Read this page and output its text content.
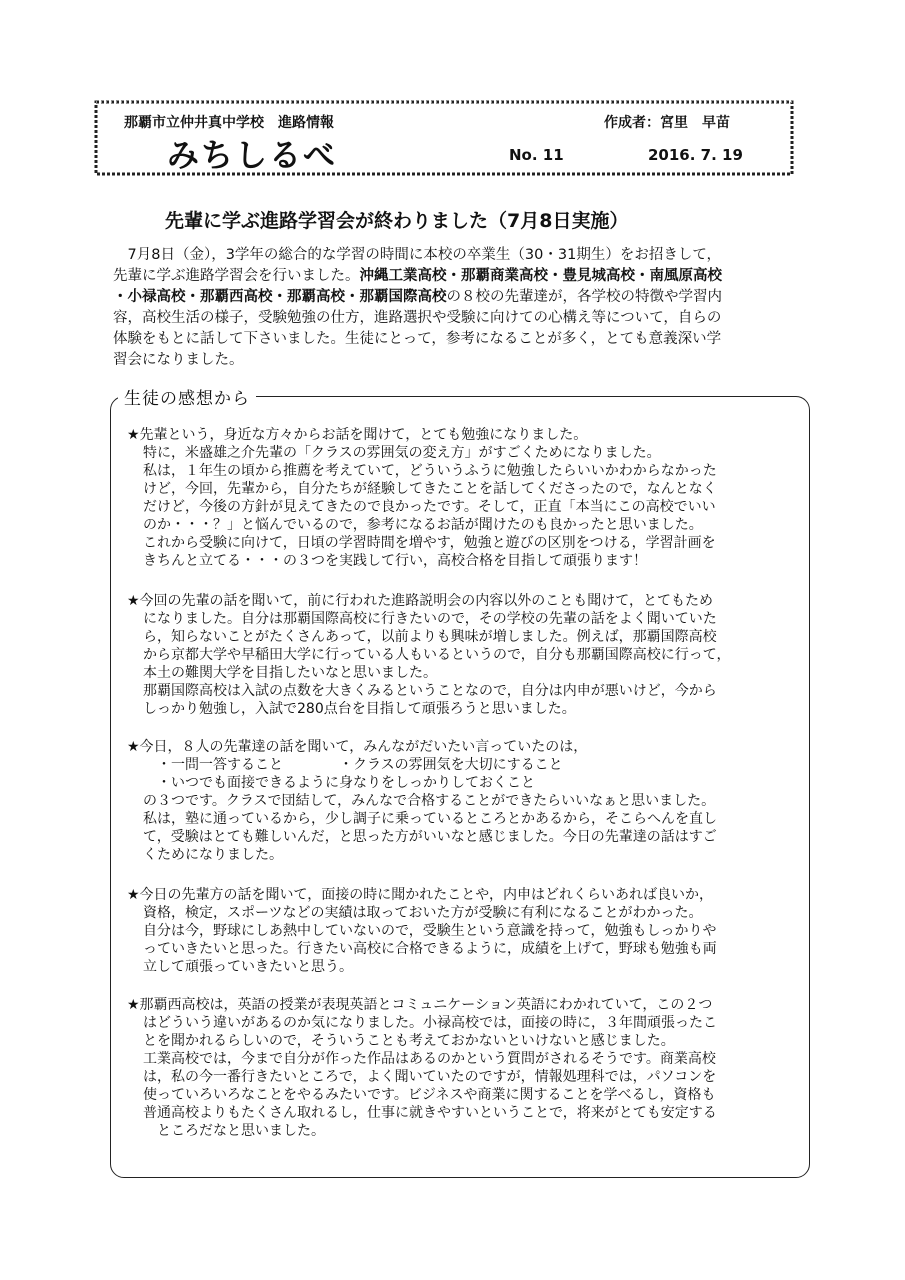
那覇市立仲井真中学校　進路情報	作成者：宮里　早苗
みちしるべ	No. 11	2016. 7. 19
先輩に学ぶ進路学習会が終わりました（7月8日実施）

　7月8日（金），3学年の総合的な学習の時間に本校の卒業生（30・31期生）をお招きして，

先輩に学ぶ進路学習会を行いました。沖縄工業高校・那覇商業高校・豊見城高校・南風原高校

・小禄高校・那覇西高校・那覇高校・那覇国際高校の８校の先輩達が，各学校の特徴や学習内

容，高校生活の様子，受験勉強の仕方，進路選択や受験に向けての心構え等について，自らの

体験をもとに話して下さいました。生徒にとって，参考になることが多く，とても意義深い学

習会になりました。

生徒の感想から

★先輩という，身近な方々からお話を聞けて，とても勉強になりました。

特に，米盛雄之介先輩の「クラスの雰囲気の変え方」がすごくためになりました。

私は，１年生の頃から推薦を考えていて，どういうふうに勉強したらいいかわからなかった

けど，今回，先輩から，自分たちが経験してきたことを話してくださったので，なんとなく

だけど，今後の方針が見えてきたので良かったです。そして，正直「本当にこの高校でいい

のか・・・？」と悩んでいるので，参考になるお話が聞けたのも良かったと思いました。

これから受験に向けて，日頃の学習時間を増やす，勉強と遊びの区別をつける，学習計画を

きちんと立てる・・・の３つを実践して行い，高校合格を目指して頑張ります！

★今回の先輩の話を聞いて，前に行われた進路説明会の内容以外のことも聞けて，とてもため

になりました。自分は那覇国際高校に行きたいので，その学校の先輩の話をよく聞いていた

ら，知らないことがたくさんあって，以前よりも興味が増しました。例えば，那覇国際高校

から京都大学や早稲田大学に行っている人もいるというので，自分も那覇国際高校に行って，

本土の難関大学を目指したいなと思いました。

那覇国際高校は入試の点数を大きくみるということなので，自分は内申が悪いけど，今から

しっかり勉強し，入試で280点台を目指して頑張ろうと思いました。

★今日，８人の先輩達の話を聞いて，みんながだいたい言っていたのは，

・一問一答すること　　　　・クラスの雰囲気を大切にすること

・いつでも面接できるように身なりをしっかりしておくこと

の３つです。クラスで団結して，みんなで合格することができたらいいなぁと思いました。

私は，塾に通っているから，少し調子に乗っているところとかあるから，そこらへんを直し

て，受験はとても難しいんだ，と思った方がいいなと感じました。今日の先輩達の話はすご

くためになりました。

★今日の先輩方の話を聞いて，面接の時に聞かれたことや，内申はどれくらいあれば良いか，

資格，検定，スポーツなどの実績は取っておいた方が受験に有利になることがわかった。

自分は今，野球にしあ熱中していないので，受験生という意識を持って，勉強もしっかりや

っていきたいと思った。行きたい高校に合格できるように，成績を上げて，野球も勉強も両

立して頑張っていきたいと思う。

★那覇西高校は，英語の授業が表現英語とコミュニケーション英語にわかれていて，この２つ

はどういう違いがあるのか気になりました。小禄高校では，面接の時に，３年間頑張ったこ

とを聞かれるらしいので，そういうことも考えておかないといけないと感じました。

工業高校では，今まで自分が作った作品はあるのかという質問がされるそうです。商業高校

は，私の今一番行きたいところで，よく聞いていたのですが，情報処理科では，パソコンを

使っていろいろなことをやるみたいです。ビジネスや商業に関することを学べるし，資格も

普通高校よりもたくさん取れるし，仕事に就きやすいということで，将来がとても安定する

ところだなと思いました。
